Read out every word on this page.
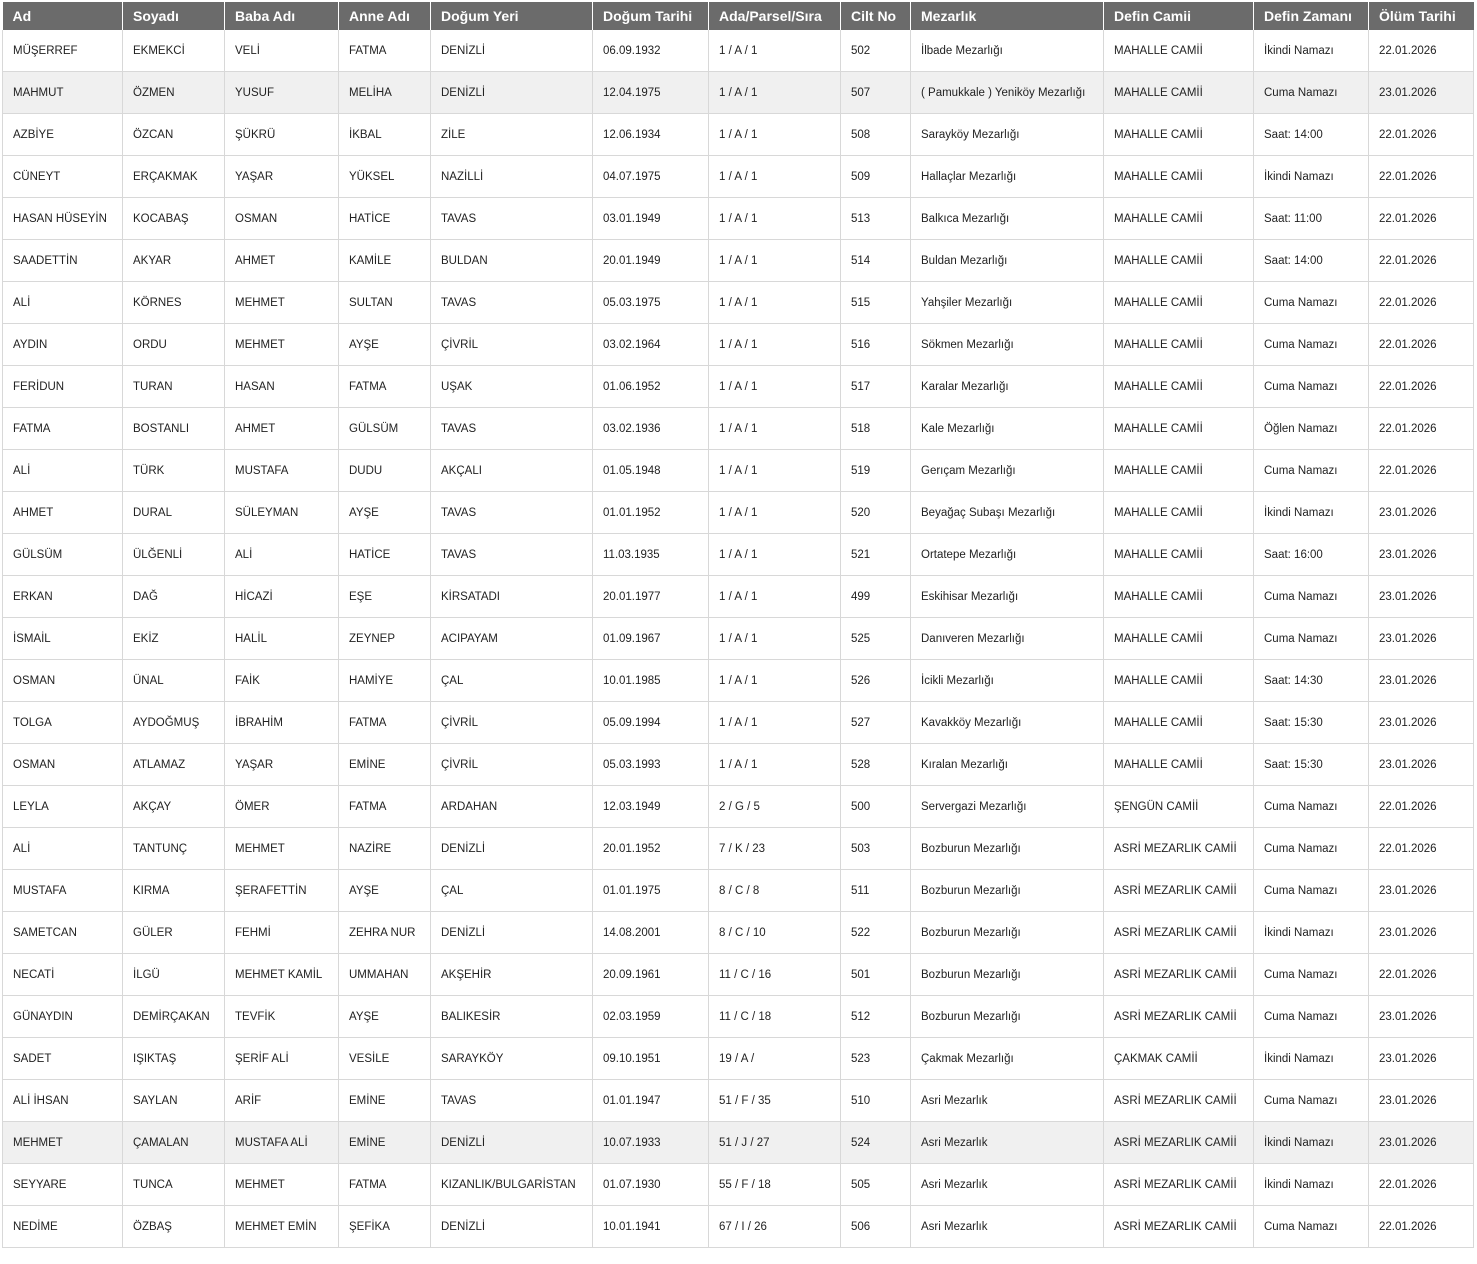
Ad	Soyadı	Baba Adı	Anne Adı	Doğum Yeri	Doğum Tarihi	Ada/Parsel/Sıra	Cilt No	Mezarlık	Defin Camii	Defin Zamanı	Ölüm Tarihi
MÜŞERREF	EKMEKCİ	VELİ	FATMA	DENİZLİ	06.09.1932	1 / A / 1	502	İlbade Mezarlığı	MAHALLE CAMİİ	İkindi Namazı	22.01.2026
MAHMUT	ÖZMEN	YUSUF	MELİHA	DENİZLİ	12.04.1975	1 / A / 1	507	( Pamukkale ) Yeniköy Mezarlığı	MAHALLE CAMİİ	Cuma Namazı	23.01.2026
AZBİYE	ÖZCAN	ŞÜKRÜ	İKBAL	ZİLE	12.06.1934	1 / A / 1	508	Sarayköy Mezarlığı	MAHALLE CAMİİ	Saat: 14:00	22.01.2026
CÜNEYT	ERÇAKMAK	YAŞAR	YÜKSEL	NAZİLLİ	04.07.1975	1 / A / 1	509	Hallaçlar Mezarlığı	MAHALLE CAMİİ	İkindi Namazı	22.01.2026
HASAN HÜSEYİN	KOCABAŞ	OSMAN	HATİCE	TAVAS	03.01.1949	1 / A / 1	513	Balkıca Mezarlığı	MAHALLE CAMİİ	Saat: 11:00	22.01.2026
SAADETTİN	AKYAR	AHMET	KAMİLE	BULDAN	20.01.1949	1 / A / 1	514	Buldan Mezarlığı	MAHALLE CAMİİ	Saat: 14:00	22.01.2026
ALİ	KÖRNES	MEHMET	SULTAN	TAVAS	05.03.1975	1 / A / 1	515	Yahşiler Mezarlığı	MAHALLE CAMİİ	Cuma Namazı	22.01.2026
AYDIN	ORDU	MEHMET	AYŞE	ÇİVRİL	03.02.1964	1 / A / 1	516	Sökmen Mezarlığı	MAHALLE CAMİİ	Cuma Namazı	22.01.2026
FERİDUN	TURAN	HASAN	FATMA	UŞAK	01.06.1952	1 / A / 1	517	Karalar Mezarlığı	MAHALLE CAMİİ	Cuma Namazı	22.01.2026
FATMA	BOSTANLI	AHMET	GÜLSÜM	TAVAS	03.02.1936	1 / A / 1	518	Kale Mezarlığı	MAHALLE CAMİİ	Öğlen Namazı	22.01.2026
ALİ	TÜRK	MUSTAFA	DUDU	AKÇALI	01.05.1948	1 / A / 1	519	Gerıçam Mezarlığı	MAHALLE CAMİİ	Cuma Namazı	22.01.2026
AHMET	DURAL	SÜLEYMAN	AYŞE	TAVAS	01.01.1952	1 / A / 1	520	Beyağaç Subaşı Mezarlığı	MAHALLE CAMİİ	İkindi Namazı	23.01.2026
GÜLSÜM	ÜLĞENLİ	ALİ	HATİCE	TAVAS	11.03.1935	1 / A / 1	521	Ortatepe Mezarlığı	MAHALLE CAMİİ	Saat: 16:00	23.01.2026
ERKAN	DAĞ	HİCAZİ	EŞE	KİRSATADI	20.01.1977	1 / A / 1	499	Eskihisar Mezarlığı	MAHALLE CAMİİ	Cuma Namazı	23.01.2026
İSMAİL	EKİZ	HALİL	ZEYNEP	ACIPAYAM	01.09.1967	1 / A / 1	525	Danıveren Mezarlığı	MAHALLE CAMİİ	Cuma Namazı	23.01.2026
OSMAN	ÜNAL	FAİK	HAMİYE	ÇAL	10.01.1985	1 / A / 1	526	İcikli Mezarlığı	MAHALLE CAMİİ	Saat: 14:30	23.01.2026
TOLGA	AYDOĞMUŞ	İBRAHİM	FATMA	ÇİVRİL	05.09.1994	1 / A / 1	527	Kavakköy Mezarlığı	MAHALLE CAMİİ	Saat: 15:30	23.01.2026
OSMAN	ATLAMAZ	YAŞAR	EMİNE	ÇİVRİL	05.03.1993	1 / A / 1	528	Kıralan Mezarlığı	MAHALLE CAMİİ	Saat: 15:30	23.01.2026
LEYLA	AKÇAY	ÖMER	FATMA	ARDAHAN	12.03.1949	2 / G / 5	500	Servergazi Mezarlığı	ŞENGÜN CAMİİ	Cuma Namazı	22.01.2026
ALİ	TANTUNÇ	MEHMET	NAZİRE	DENİZLİ	20.01.1952	7 / K / 23	503	Bozburun Mezarlığı	ASRİ MEZARLIK CAMİİ	Cuma Namazı	22.01.2026
MUSTAFA	KIRMA	ŞERAFETTİN	AYŞE	ÇAL	01.01.1975	8 / C / 8	511	Bozburun Mezarlığı	ASRİ MEZARLIK CAMİİ	Cuma Namazı	23.01.2026
SAMETCAN	GÜLER	FEHMİ	ZEHRA NUR	DENİZLİ	14.08.2001	8 / C / 10	522	Bozburun Mezarlığı	ASRİ MEZARLIK CAMİİ	İkindi Namazı	23.01.2026
NECATİ	İLGÜ	MEHMET KAMİL	UMMAHAN	AKŞEHİR	20.09.1961	11 / C / 16	501	Bozburun Mezarlığı	ASRİ MEZARLIK CAMİİ	Cuma Namazı	22.01.2026
GÜNAYDIN	DEMİRÇAKAN	TEVFİK	AYŞE	BALIKESİR	02.03.1959	11 / C / 18	512	Bozburun Mezarlığı	ASRİ MEZARLIK CAMİİ	Cuma Namazı	23.01.2026
SADET	IŞIKTAŞ	ŞERİF ALİ	VESİLE	SARAYKÖY	09.10.1951	19 / A /	523	Çakmak Mezarlığı	ÇAKMAK CAMİİ	İkindi Namazı	23.01.2026
ALİ İHSAN	SAYLAN	ARİF	EMİNE	TAVAS	01.01.1947	51 / F / 35	510	Asri Mezarlık	ASRİ MEZARLIK CAMİİ	Cuma Namazı	23.01.2026
MEHMET	ÇAMALAN	MUSTAFA ALİ	EMİNE	DENİZLİ	10.07.1933	51 / J / 27	524	Asri Mezarlık	ASRİ MEZARLIK CAMİİ	İkindi Namazı	23.01.2026
SEYYARE	TUNCA	MEHMET	FATMA	KIZANLIK/BULGARİSTAN	01.07.1930	55 / F / 18	505	Asri Mezarlık	ASRİ MEZARLIK CAMİİ	İkindi Namazı	22.01.2026
NEDİME	ÖZBAŞ	MEHMET EMİN	ŞEFİKA	DENİZLİ	10.01.1941	67 / I / 26	506	Asri Mezarlık	ASRİ MEZARLIK CAMİİ	Cuma Namazı	22.01.2026
